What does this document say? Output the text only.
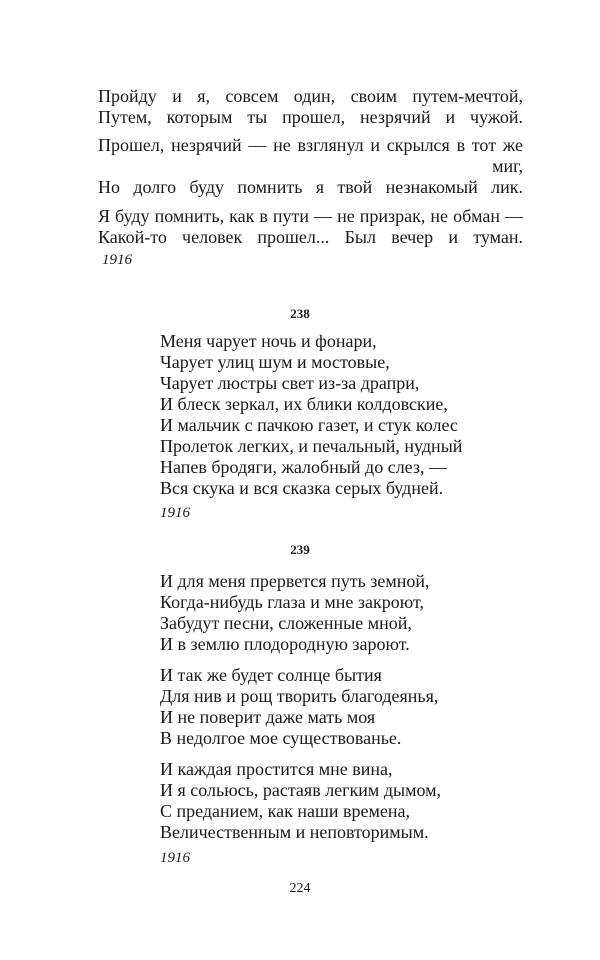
Пройду и я, совсем один, своим путем-мечтой,
Путем, которым ты прошел, незрячий и чужой.
Прошел, незрячий — не взглянул и скрылся в тот же
миг,
Но долго буду помнить я твой незнакомый лик.
Я буду помнить, как в пути — не призрак, не обман —
Какой-то человек прошел... Был вечер и туман.
1916
238
Меня чарует ночь и фонари,
Чарует улиц шум и мостовые,
Чарует люстры свет из-за драпри,
И блеск зеркал, их блики колдовские,
И мальчик с пачкою газет, и стук колес
Пролеток легких, и печальный, нудный
Напев бродяги, жалобный до слез, —
Вся скука и вся сказка серых будней.
1916
239
И для меня прервется путь земной,
Когда-нибудь глаза и мне закроют,
Забудут песни, сложенные мной,
И в землю плодородную зароют.
И так же будет солнце бытия
Для нив и рощ творить благодеянья,
И не поверит даже мать моя
В недолгое мое существованье.
И каждая простится мне вина,
И я сольюсь, растаяв легким дымом,
С преданием, как наши времена,
Величественным и неповторимым.
1916
224
